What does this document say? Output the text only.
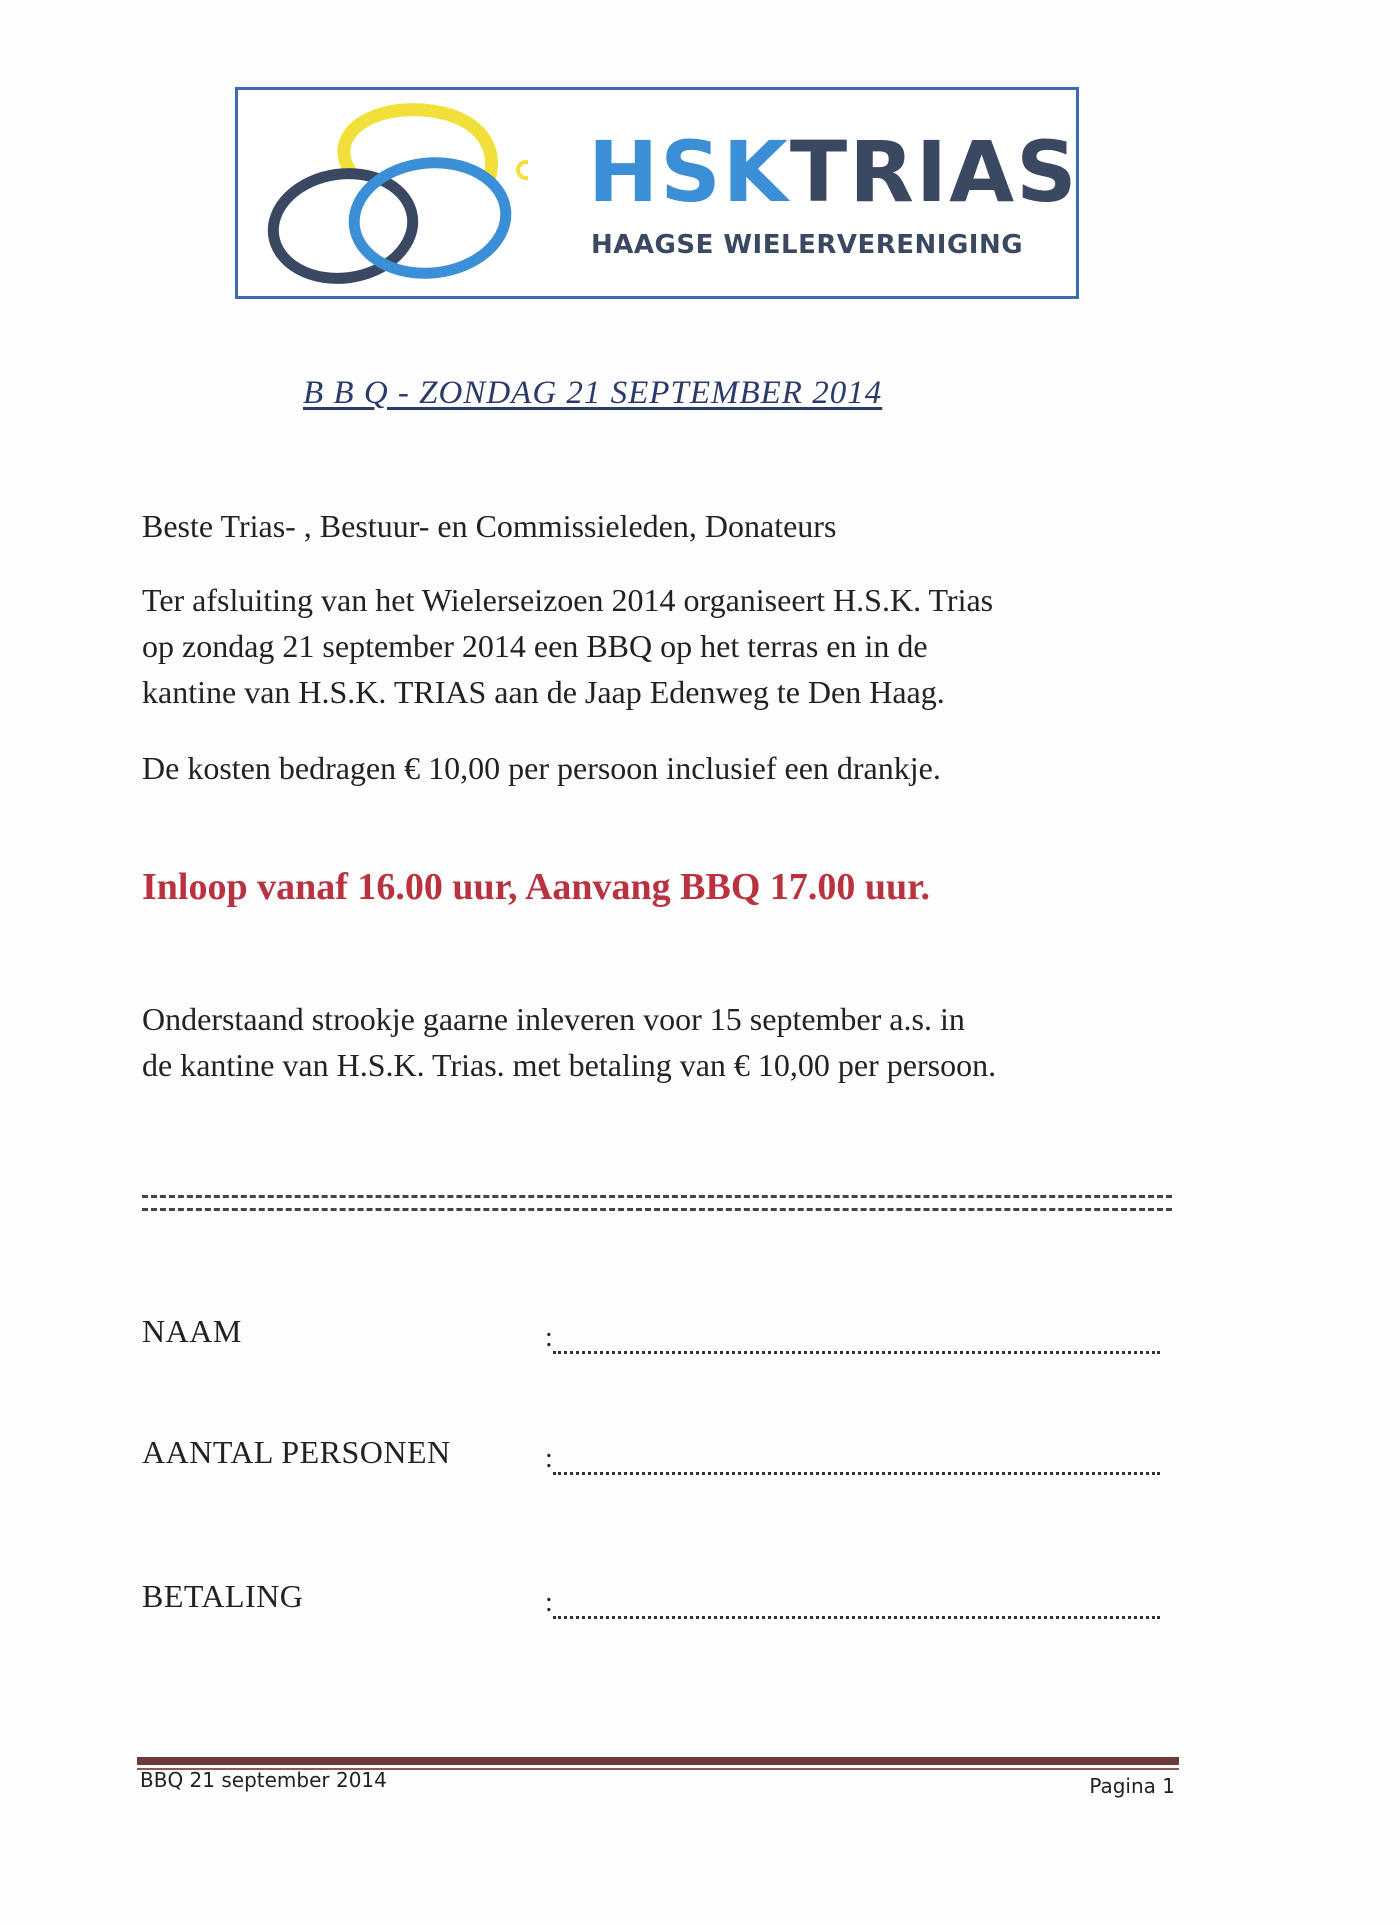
HSKTRIAS
HAAGSE WIELERVERENIGING
B B Q - ZONDAG 21 SEPTEMBER 2014
Beste Trias- , Bestuur- en Commissieleden, Donateurs
Ter afsluiting van het Wielerseizoen 2014 organiseert H.S.K. Trias
op zondag 21 september 2014 een BBQ op het terras en in de
kantine van H.S.K. TRIAS aan de Jaap Edenweg te Den Haag.
De kosten bedragen € 10,00 per persoon inclusief een drankje.
Inloop vanaf 16.00 uur, Aanvang BBQ 17.00 uur.
Onderstaand strookje gaarne inleveren voor 15 september a.s. in
de kantine van H.S.K. Trias. met betaling van € 10,00 per persoon.
NAAM	:
AANTAL PERSONEN	:
BETALING	:
BBQ 21 september 2014	Pagina 1
